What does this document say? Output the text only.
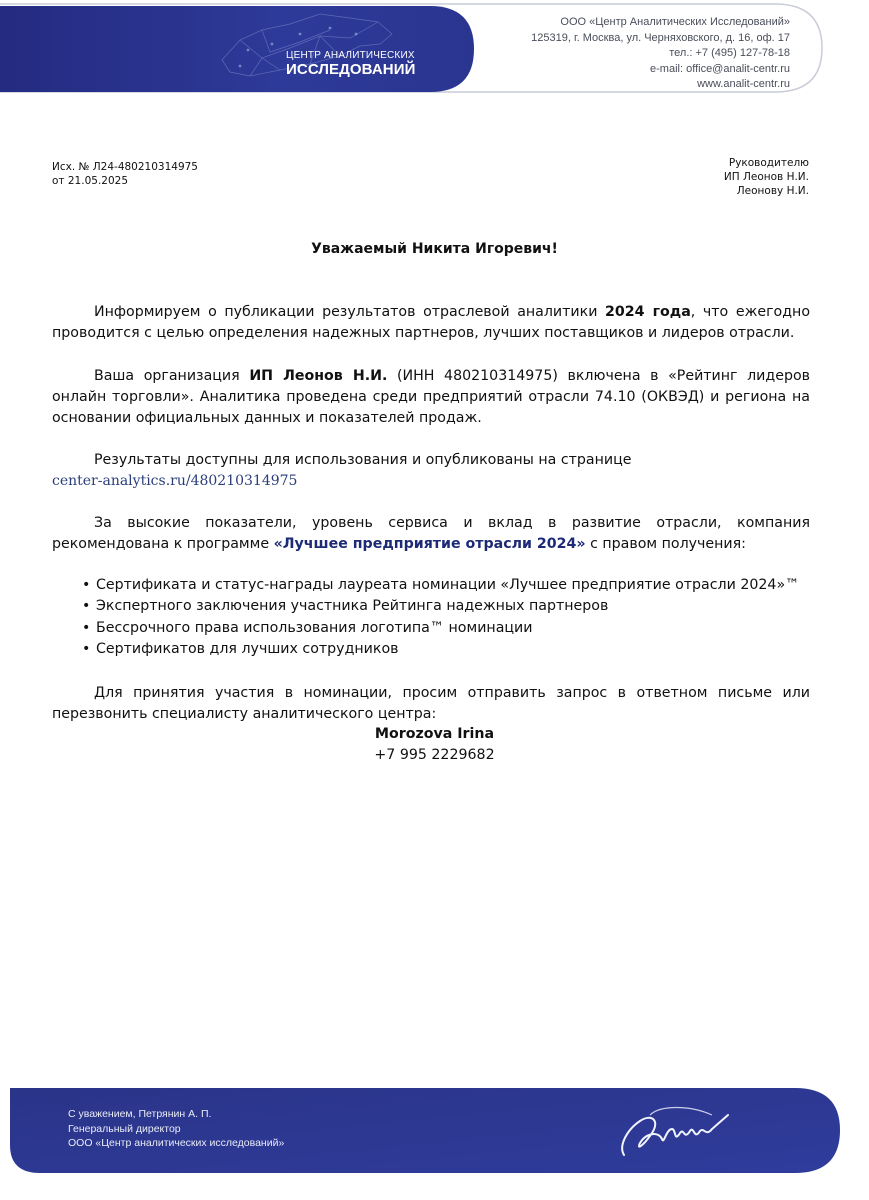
ЦЕНТР АНАЛИТИЧЕСКИХ
ИССЛЕДОВАНИЙ
ООО «Центр Аналитических Исследований»
125319, г. Москва, ул. Черняховского, д. 16, оф. 17
тел.: +7 (495) 127-78-18
e-mail: office@analit-centr.ru
www.analit-centr.ru
Исх. № Л24-480210314975
от 21.05.2025
Руководителю
ИП Леонов Н.И.
Леонову Н.И.
Уважаемый Никита Игоревич!
Информируем о публикации результатов отраслевой аналитики 2024 года, что ежегодно проводится с целью определения надежных партнеров, лучших поставщиков и лидеров отрасли.
Ваша организация ИП Леонов Н.И. (ИНН 480210314975) включена в «Рейтинг лидеров онлайн торговли». Аналитика проведена среди предприятий отрасли 74.10 (ОКВЭД) и региона на основании официальных данных и показателей продаж.
Результаты доступны для использования и опубликованы на странице
center-analytics.ru/480210314975
За высокие показатели, уровень сервиса и вклад в развитие отрасли, компания рекомендована к программе «Лучшее предприятие отрасли 2024» с правом получения:
• Сертификата и статус-награды лауреата номинации «Лучшее предприятие отрасли 2024»™
• Экспертного заключения участника Рейтинга надежных партнеров
• Бессрочного права использования логотипа™ номинации
• Сертификатов для лучших сотрудников
Для принятия участия в номинации, просим отправить запрос в ответном письме или перезвонить специалисту аналитического центра:
Morozova Irina
+7 995 2229682
С уважением, Петрянин А. П.
Генеральный директор
ООО «Центр аналитических исследований»
